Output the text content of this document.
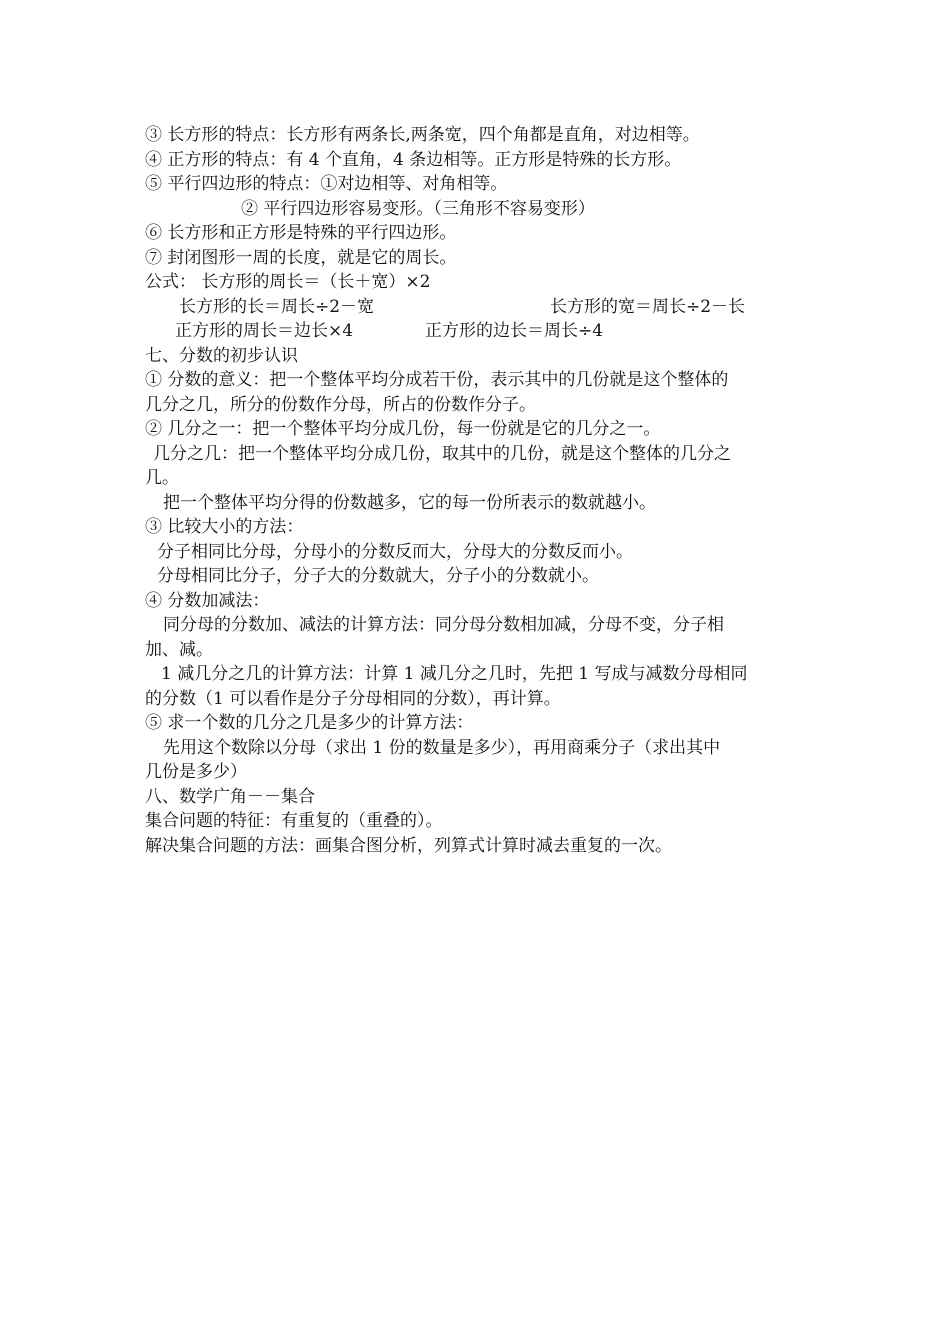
③ 长方形的特点：长方形有两条长,两条宽，四个角都是直角，对边相等。
④ 正方形的特点：有 4 个直角，4 条边相等。正方形是特殊的长方形。
⑤ 平行四边形的特点：①对边相等、对角相等。
② 平行四边形容易变形。（三角形不容易变形）
⑥ 长方形和正方形是特殊的平行四边形。
⑦ 封闭图形一周的长度，就是它的周长。
公式： 长方形的周长＝（长＋宽）×2
长方形的长＝周长÷2－宽	长方形的宽＝周长÷2－长
正方形的周长＝边长×4	正方形的边长＝周长÷4
七、分数的初步认识
① 分数的意义：把一个整体平均分成若干份，表示其中的几份就是这个整体的
几分之几，所分的份数作分母，所占的份数作分子。
② 几分之一：把一个整体平均分成几份，每一份就是它的几分之一。
几分之几：把一个整体平均分成几份，取其中的几份，就是这个整体的几分之
几。
把一个整体平均分得的份数越多，它的每一份所表示的数就越小。
③ 比较大小的方法：
分子相同比分母，分母小的分数反而大，分母大的分数反而小。
分母相同比分子，分子大的分数就大，分子小的分数就小。
④ 分数加减法：
同分母的分数加、减法的计算方法：同分母分数相加减，分母不变，分子相
加、减。
1 减几分之几的计算方法：计算 1 减几分之几时，先把 1 写成与减数分母相同
的分数（1 可以看作是分子分母相同的分数），再计算。
⑤ 求一个数的几分之几是多少的计算方法：
先用这个数除以分母（求出 1 份的数量是多少），再用商乘分子（求出其中
几份是多少）
八、数学广角－－集合
集合问题的特征：有重复的（重叠的）。
解决集合问题的方法：画集合图分析，列算式计算时减去重复的一次。
